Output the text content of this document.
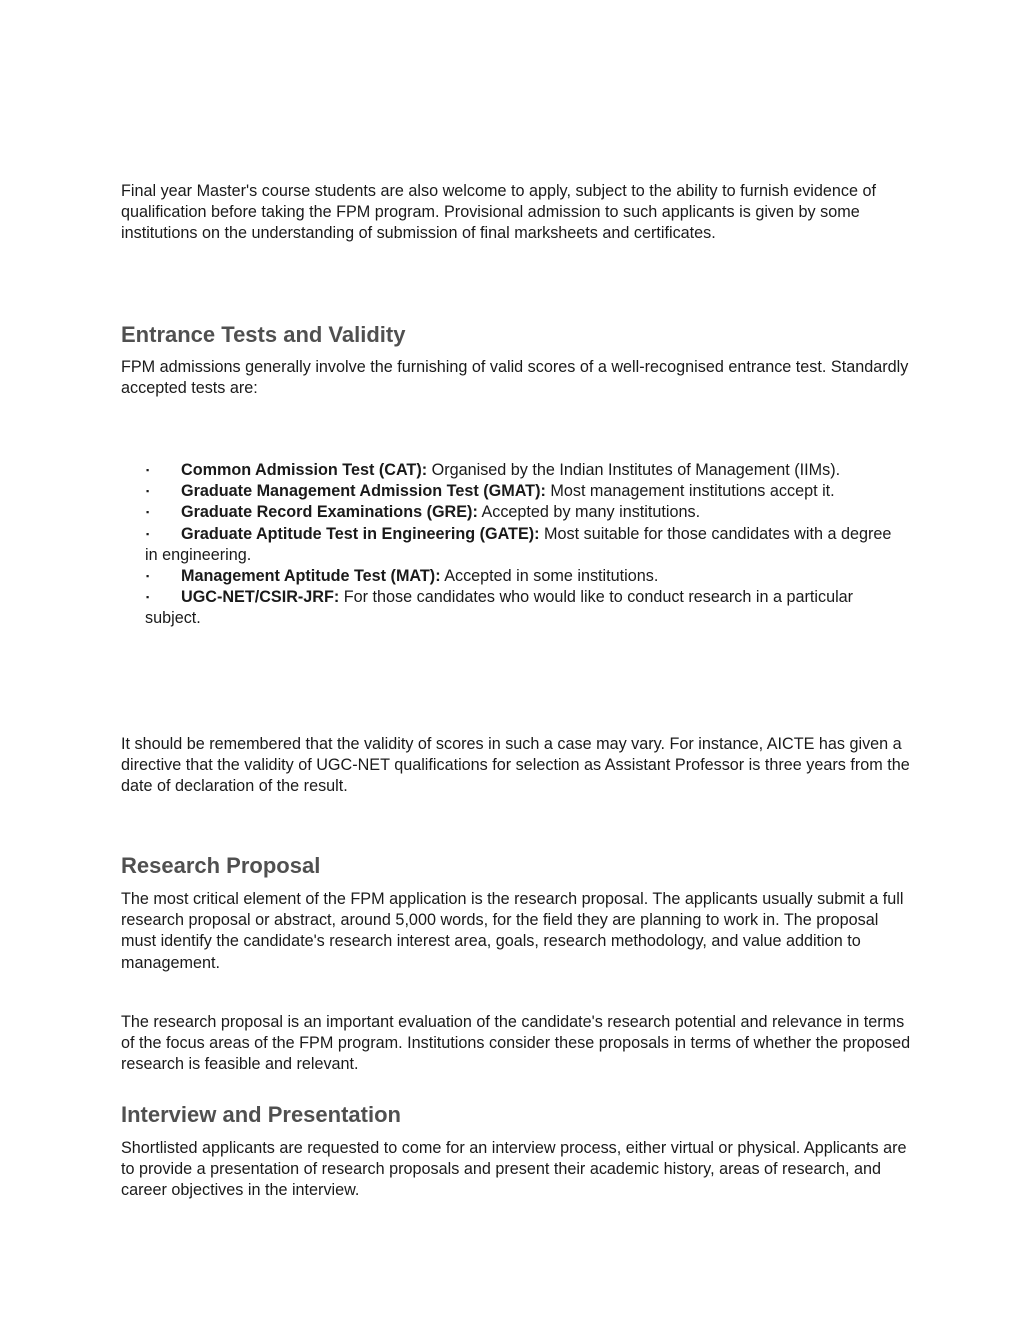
Final year Master's course students are also welcome to apply, subject to the ability to furnish evidence of qualification before taking the FPM program. Provisional admission to such applicants is given by some institutions on the understanding of submission of final marksheets and certificates.

Entrance Tests and Validity

FPM admissions generally involve the furnishing of valid scores of a well-recognised entrance test. Standardly accepted tests are:

▪ Common Admission Test (CAT): Organised by the Indian Institutes of Management (IIMs).
▪ Graduate Management Admission Test (GMAT): Most management institutions accept it.
▪ Graduate Record Examinations (GRE): Accepted by many institutions.
▪ Graduate Aptitude Test in Engineering (GATE): Most suitable for those candidates with a degree in engineering.
▪ Management Aptitude Test (MAT): Accepted in some institutions.
▪ UGC-NET/CSIR-JRF: For those candidates who would like to conduct research in a particular subject.

It should be remembered that the validity of scores in such a case may vary. For instance, AICTE has given a directive that the validity of UGC-NET qualifications for selection as Assistant Professor is three years from the date of declaration of the result.

Research Proposal

The most critical element of the FPM application is the research proposal. The applicants usually submit a full research proposal or abstract, around 5,000 words, for the field they are planning to work in. The proposal must identify the candidate's research interest area, goals, research methodology, and value addition to management.

The research proposal is an important evaluation of the candidate's research potential and relevance in terms of the focus areas of the FPM program. Institutions consider these proposals in terms of whether the proposed research is feasible and relevant.

Interview and Presentation

Shortlisted applicants are requested to come for an interview process, either virtual or physical. Applicants are to provide a presentation of research proposals and present their academic history, areas of research, and career objectives in the interview.
